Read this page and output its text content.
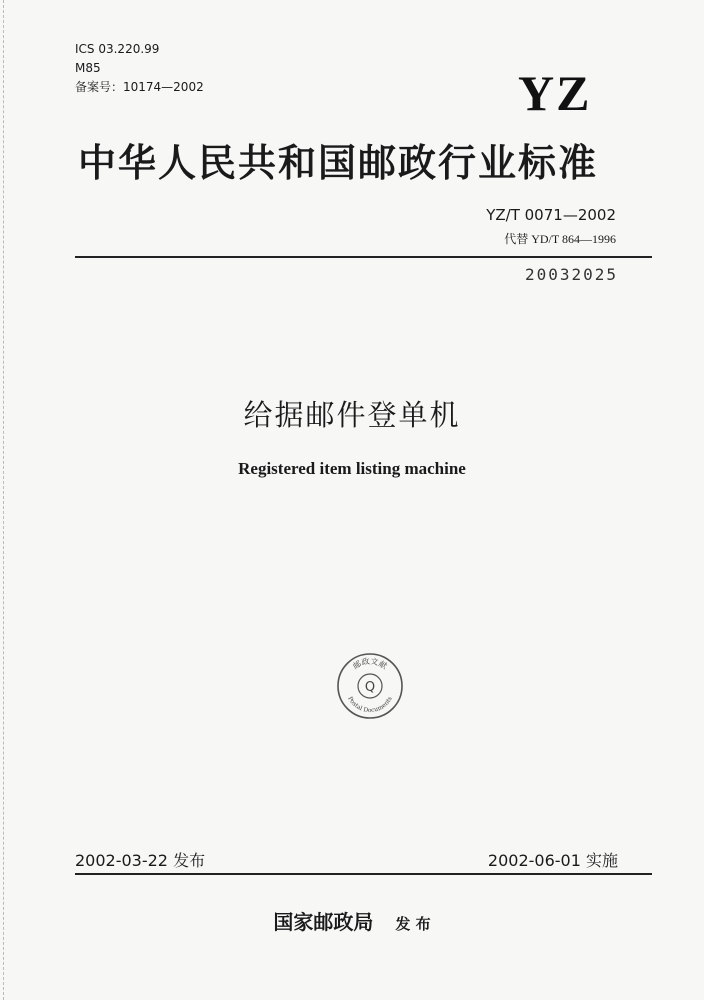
ICS 03.220.99
M85
备案号：10174—2002	YZ
中华人民共和国邮政行业标准
YZ/T 0071—2002
代替 YD/T 864—1996
20032025
给据邮件登单机
Registered item listing machine
邮政文献
Postal Documents
Q
2002-03-22 发布	2002-06-01 实施
国家邮政局 发 布
